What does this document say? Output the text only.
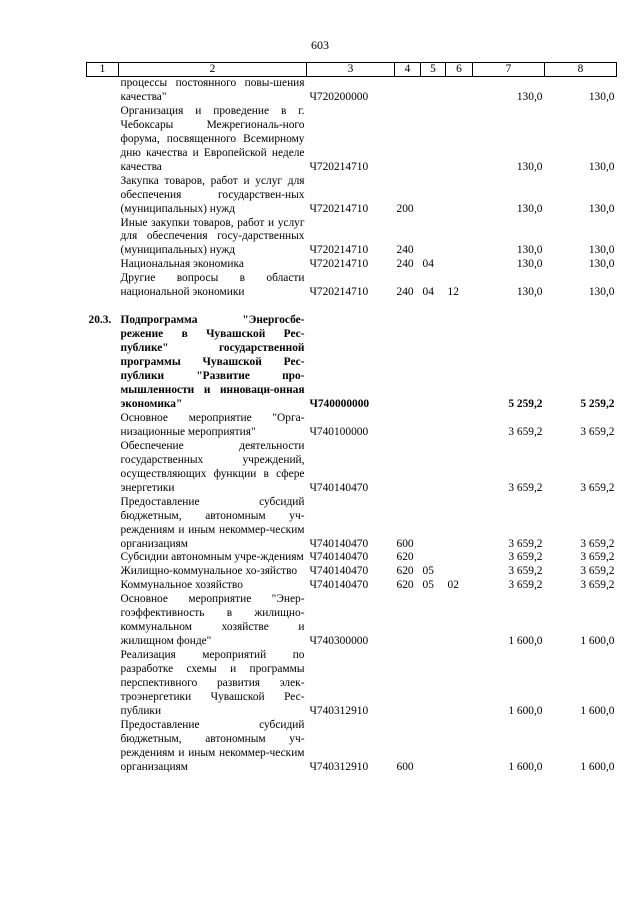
603
1	2	3	4	5	6	7	8
	процессы постоянного повы-шения качества"	Ч720200000				130,0	130,0
	Организация и проведение в г. Чебоксары Межрегиональ-ного форума, посвященного Всемирному дню качества и Европейской неделе качества	Ч720214710				130,0	130,0
	Закупка товаров, работ и услуг для обеспечения государствен-ных (муниципальных) нужд	Ч720214710	200			130,0	130,0
	Иные закупки товаров, работ и услуг для обеспечения госу-дарственных (муниципальных) нужд	Ч720214710	240			130,0	130,0
	Национальная экономика	Ч720214710	240	04		130,0	130,0
	Другие вопросы в области национальной экономики	Ч720214710	240	04	12	130,0	130,0

20.3.	Подпрограмма "Энергосбе-режение в Чувашской Рес-публике" государственной программы Чувашской Рес-публики "Развитие про-мышленности и инноваци-онная экономика"	Ч740000000				5 259,2	5 259,2
	Основное мероприятие "Орга-низационные мероприятия"	Ч740100000				3 659,2	3 659,2
	Обеспечение деятельности государственных учреждений, осуществляющих функции в сфере энергетики	Ч740140470				3 659,2	3 659,2
	Предоставление субсидий бюджетным, автономным уч-реждениям и иным некоммер-ческим организациям	Ч740140470	600			3 659,2	3 659,2
	Субсидии автономным учре-ждениям	Ч740140470	620			3 659,2	3 659,2
	Жилищно-коммунальное хо-зяйство	Ч740140470	620	05		3 659,2	3 659,2
	Коммунальное хозяйство	Ч740140470	620	05	02	3 659,2	3 659,2
	Основное мероприятие "Энер-гоэффективность в жилищно-коммунальном хозяйстве и жилищном фонде"	Ч740300000				1 600,0	1 600,0
	Реализация мероприятий по разработке схемы и программы перспективного развития элек-троэнергетики Чувашской Рес-публики	Ч740312910				1 600,0	1 600,0
	Предоставление субсидий бюджетным, автономным уч-реждениям и иным некоммер-ческим организациям	Ч740312910	600			1 600,0	1 600,0
